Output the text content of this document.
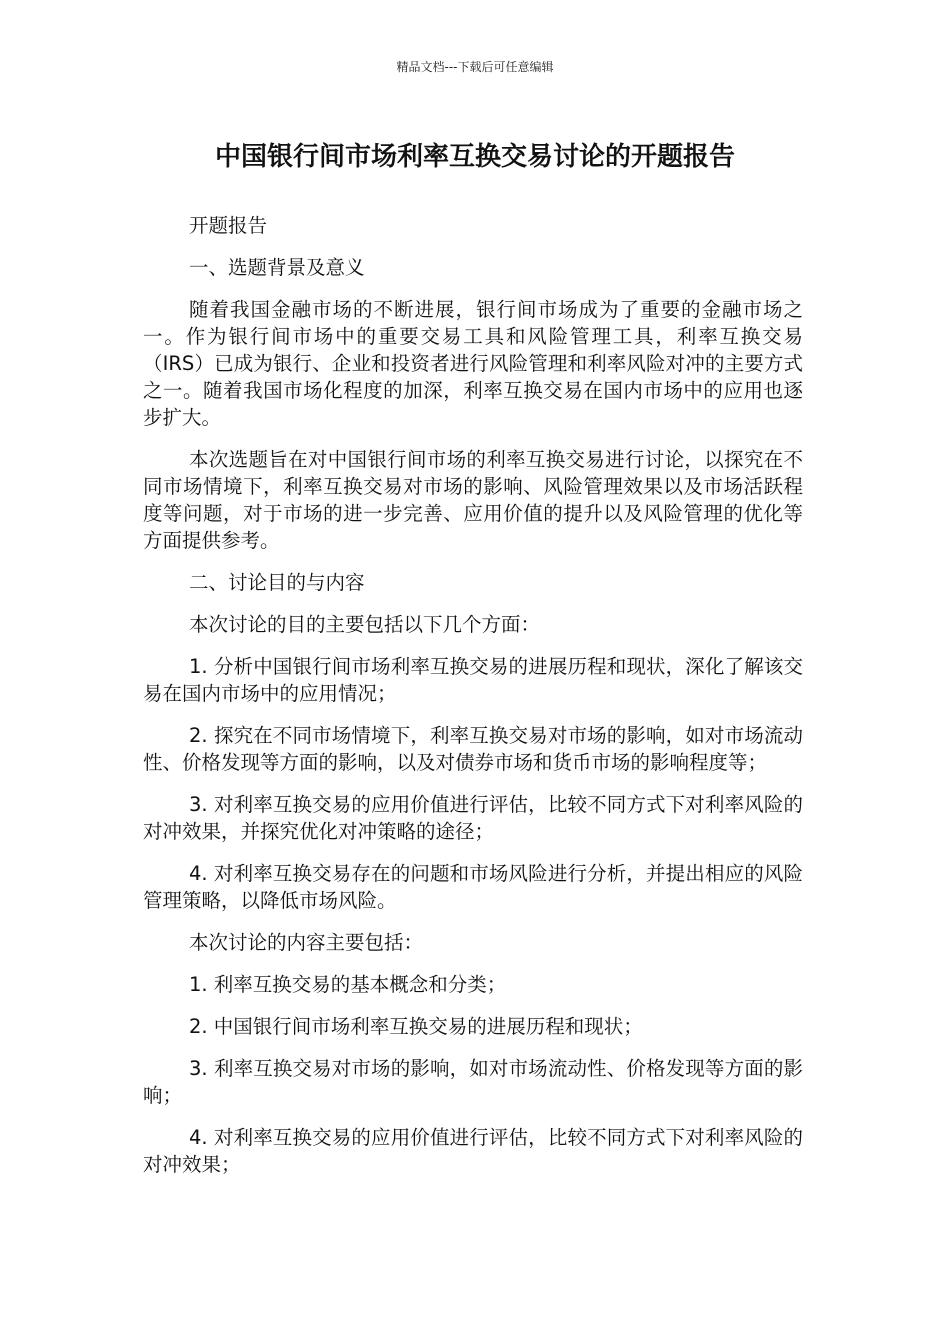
精品文档---下载后可任意编辑
中国银行间市场利率互换交易讨论的开题报告

开题报告

一、选题背景及意义

随着我国金融市场的不断进展，银行间市场成为了重要的金融市场之一。作为银行间市场中的重要交易工具和风险管理工具，利率互换交易（IRS）已成为银行、企业和投资者进行风险管理和利率风险对冲的主要方式之一。随着我国市场化程度的加深，利率互换交易在国内市场中的应用也逐步扩大。

本次选题旨在对中国银行间市场的利率互换交易进行讨论，以探究在不同市场情境下，利率互换交易对市场的影响、风险管理效果以及市场活跃程度等问题，对于市场的进一步完善、应用价值的提升以及风险管理的优化等方面提供参考。

二、讨论目的与内容

本次讨论的目的主要包括以下几个方面：

1. 分析中国银行间市场利率互换交易的进展历程和现状，深化了解该交易在国内市场中的应用情况；

2. 探究在不同市场情境下，利率互换交易对市场的影响，如对市场流动性、价格发现等方面的影响，以及对债券市场和货币市场的影响程度等；

3. 对利率互换交易的应用价值进行评估，比较不同方式下对利率风险的对冲效果，并探究优化对冲策略的途径；

4. 对利率互换交易存在的问题和市场风险进行分析，并提出相应的风险管理策略，以降低市场风险。

本次讨论的内容主要包括：

1. 利率互换交易的基本概念和分类；

2. 中国银行间市场利率互换交易的进展历程和现状；

3. 利率互换交易对市场的影响，如对市场流动性、价格发现等方面的影响；

4. 对利率互换交易的应用价值进行评估，比较不同方式下对利率风险的对冲效果；
